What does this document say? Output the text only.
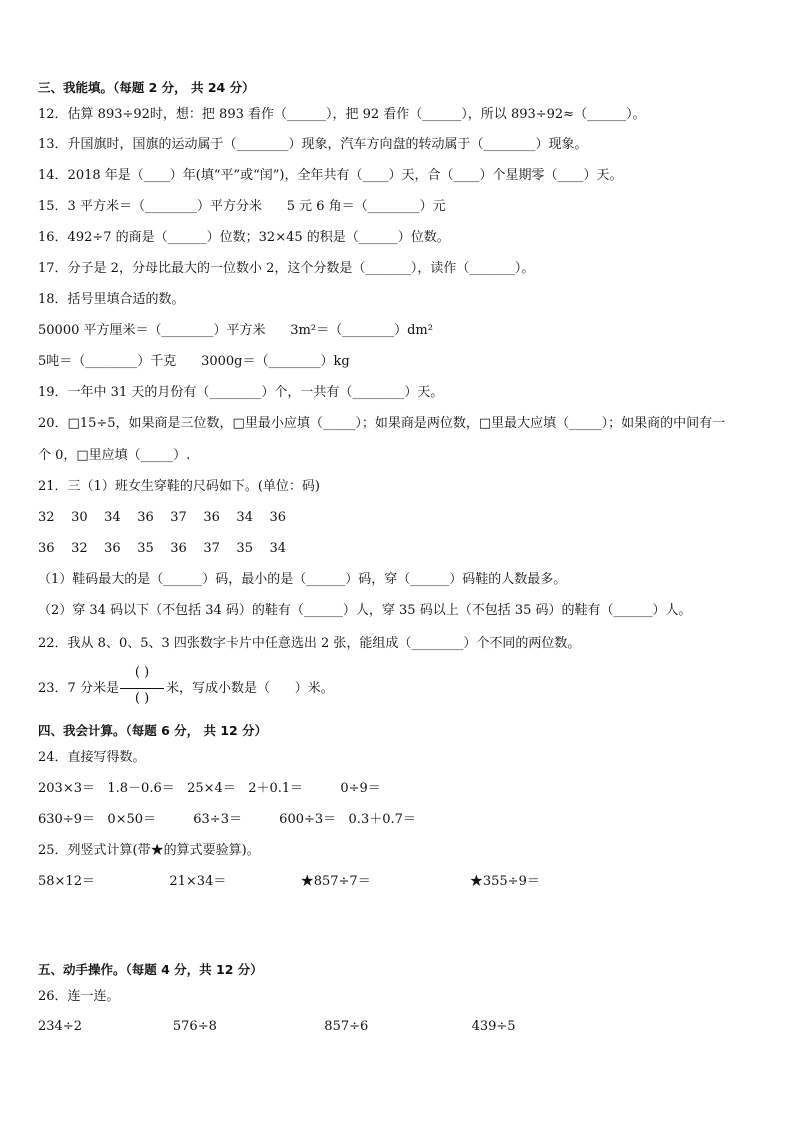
三、我能填。（每题 2 分， 共 24 分）
12．估算 893÷92时，想：把 893 看作（______），把 92 看作（______），所以 893÷92≈（______）。
13．升国旗时，国旗的运动属于（________）现象，汽车方向盘的转动属于（________）现象。
14．2018 年是（____）年(填“平”或“闰”)，全年共有（____）天，合（____）个星期零（____）天。
15．3 平方米＝（________）平方分米      5 元 6 角＝（________）元
16．492÷7 的商是（______）位数；32×45 的积是（______）位数。
17．分子是 2，分母比最大的一位数小 2，这个分数是（_______），读作（_______）。
18．括号里填合适的数。
50000 平方厘米＝（________）平方米      3m²＝（________）dm²
5吨＝（________）千克      3000g＝（________）kg
19．一年中 31 天的月份有（________）个，一共有（________）天。
20．□15÷5，如果商是三位数，□里最小应填（_____）；如果商是两位数，□里最大应填（_____）；如果商的中间有一
个 0，□里应填（_____）.
21．三（1）班女生穿鞋的尺码如下。(单位：码)
32    30    34    36    37    36    34    36
36    32    36    35    36    37    35    34
（1）鞋码最大的是（______）码，最小的是（______）码，穿（______）码鞋的人数最多。
（2）穿 34 码以下（不包括 34 码）的鞋有（______）人，穿 35 码以上（不包括 35 码）的鞋有（______）人。
22．我从 8、0、5、3 四张数字卡片中任意选出 2 张，能组成（________）个不同的两位数。
23．7 分米是
( )
( )
米，写成小数是（      ）米。
四、我会计算。（每题 6 分， 共 12 分）
24．直接写得数。
203×3＝   1.8－0.6＝   25×4＝   2＋0.1＝         0÷9＝
630÷9＝   0×50＝         63÷3＝         600÷3＝   0.3＋0.7＝
25．列竖式计算(带★的算式要验算)。
58×12＝                  21×34＝                  ★857÷7＝                        ★355÷9＝
五、动手操作。（每题 4 分，共 12 分）
26．连一连。
234÷2                      576÷8                          857÷6                         439÷5
